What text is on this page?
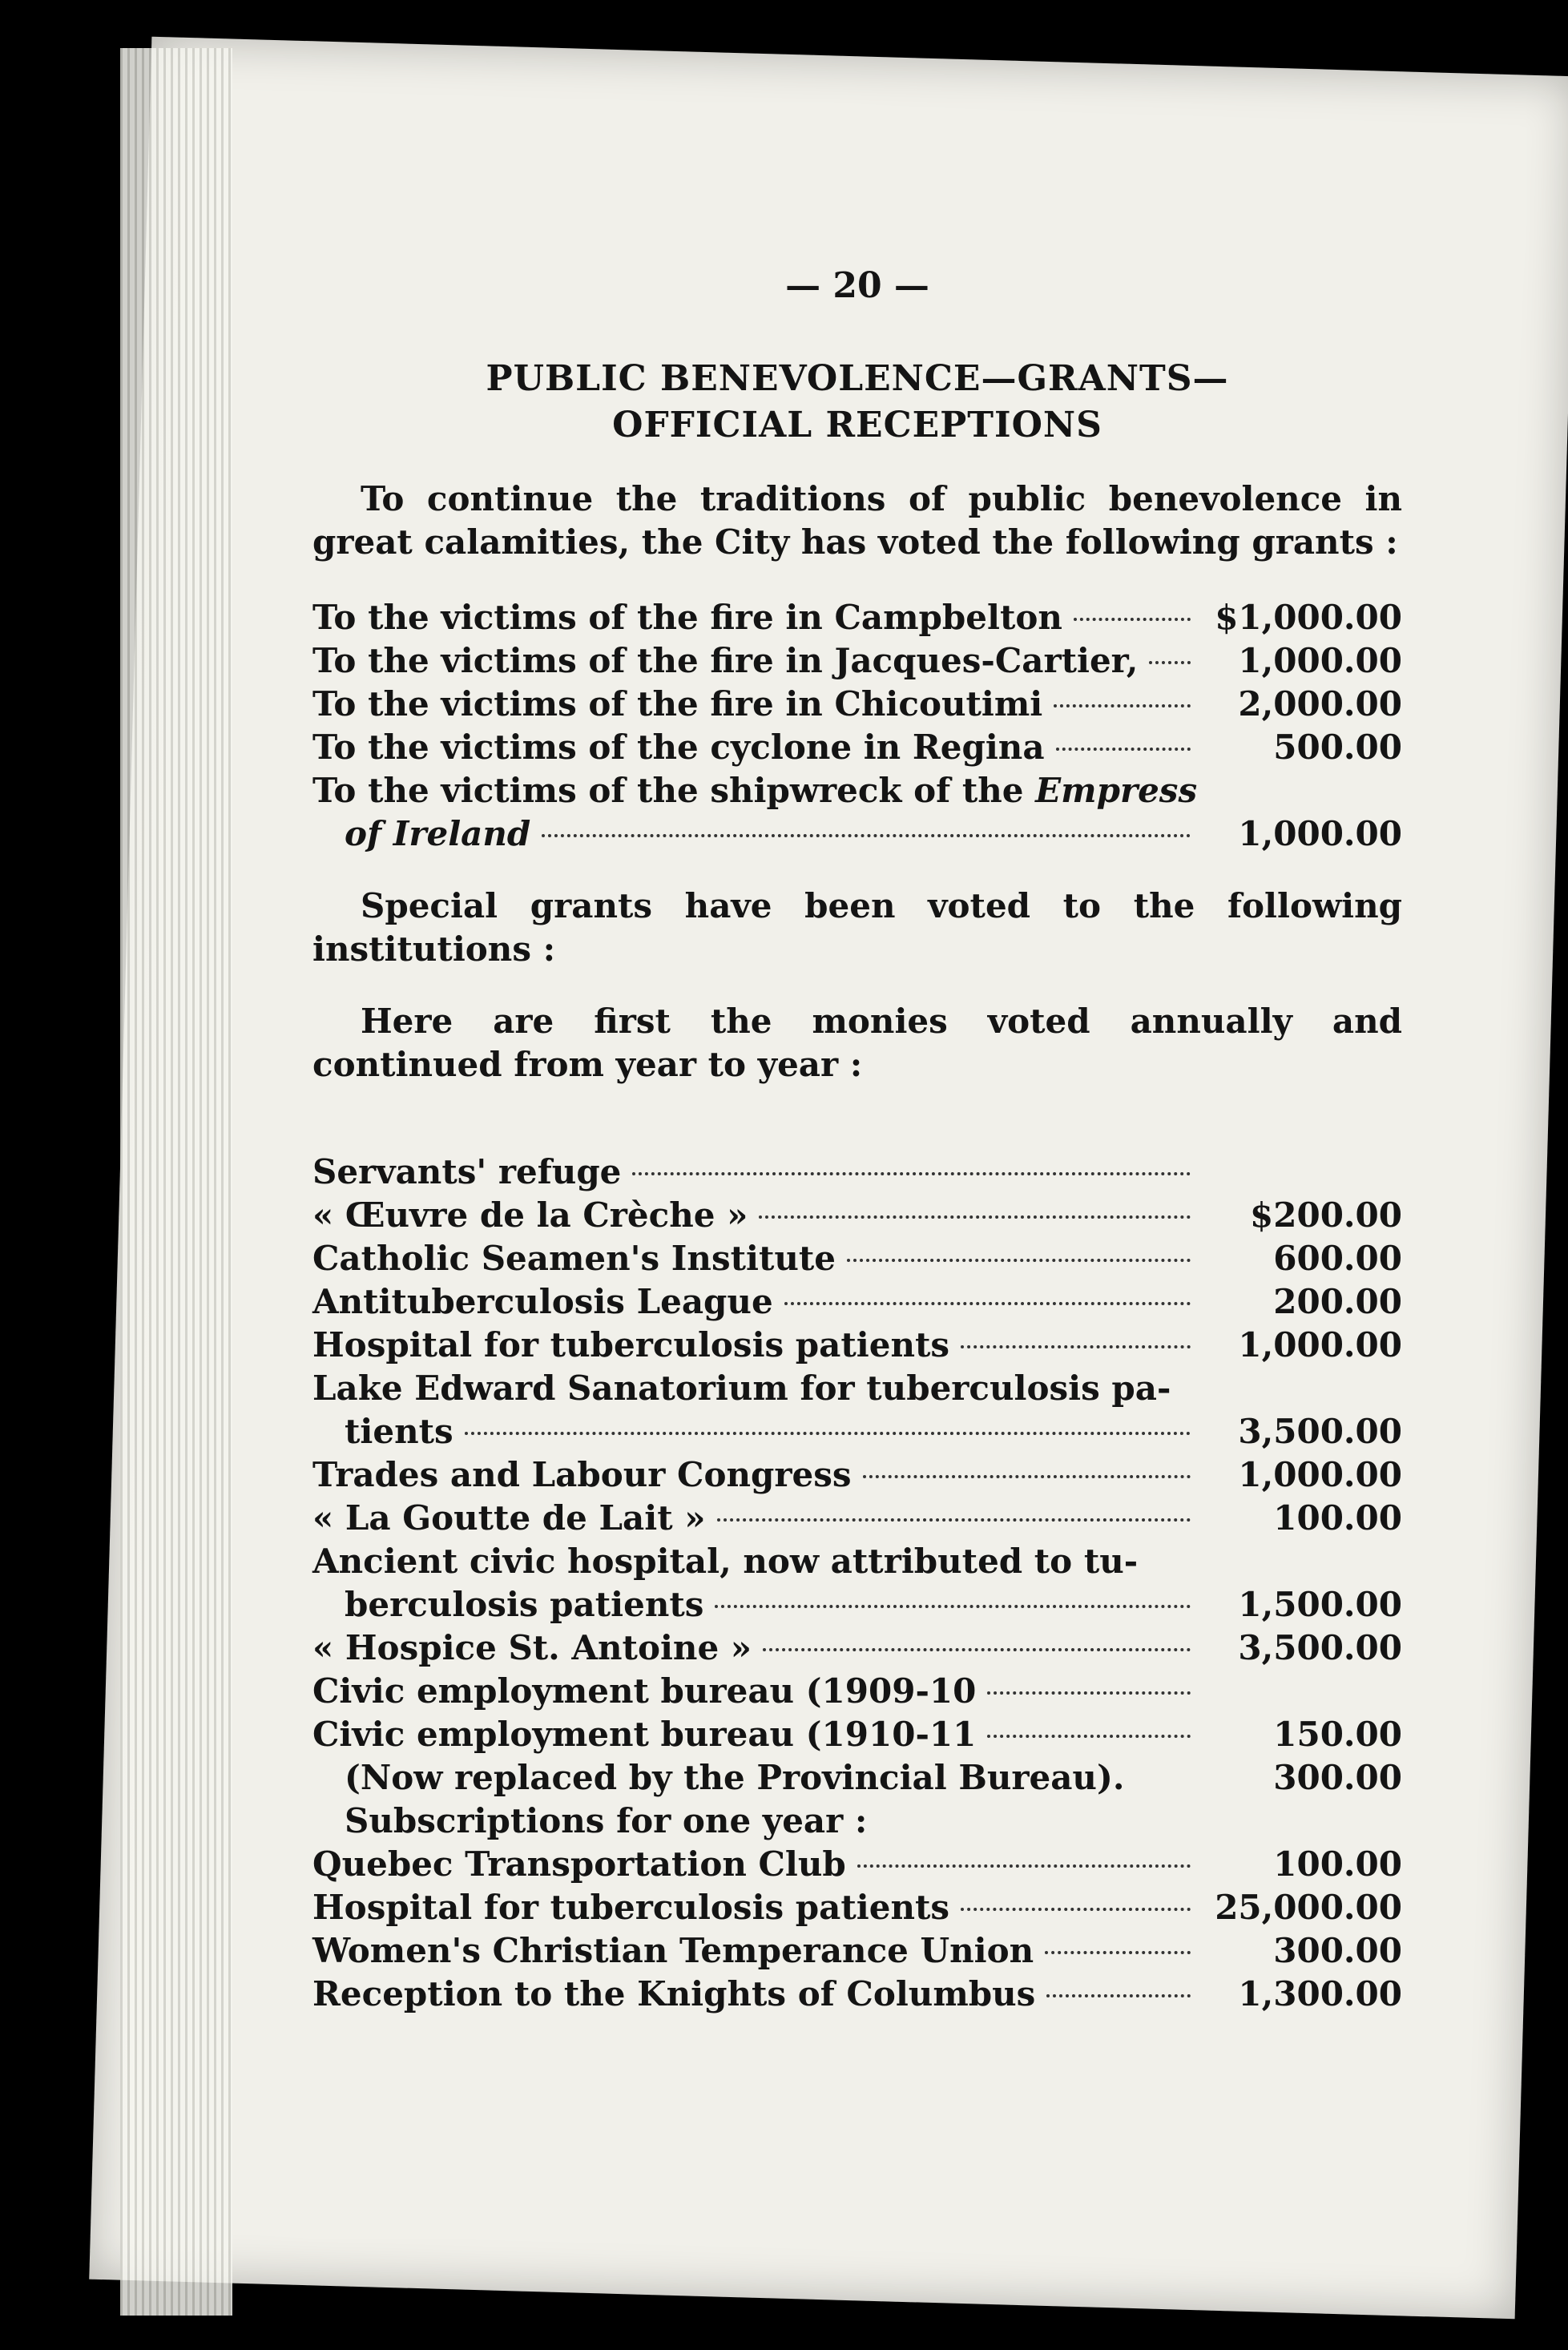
— 20 —
PUBLIC BENEVOLENCE—GRANTS—
OFFICIAL RECEPTIONS

To continue the traditions of public benevolence in great calamities, the City has voted the following grants :

To the victims of the fire in Campbelton	$1,000.00
To the victims of the fire in Jacques-Cartier,	1,000.00
To the victims of the fire in Chicoutimi	2,000.00
To the victims of the cyclone in Regina	500.00
To the victims of the shipwreck of the Empress
of Ireland	1,000.00

Special grants have been voted to the following institutions :

Here are first the monies voted annually and continued from year to year :

Servants' refuge
« Œuvre de la Crèche »	$200.00
Catholic Seamen's Institute	600.00
Antituberculosis League	200.00
Hospital for tuberculosis patients	1,000.00
Lake Edward Sanatorium for tuberculosis pa-
tients	3,500.00
Trades and Labour Congress	1,000.00
« La Goutte de Lait »	100.00
Ancient civic hospital, now attributed to tu-
berculosis patients	1,500.00
« Hospice St. Antoine »	3,500.00
Civic employment bureau (1909-10
Civic employment bureau (1910-11	150.00
(Now replaced by the Provincial Bureau).	300.00
Subscriptions for one year :
Quebec Transportation Club	100.00
Hospital for tuberculosis patients	25,000.00
Women's Christian Temperance Union	300.00
Reception to the Knights of Columbus	1,300.00
